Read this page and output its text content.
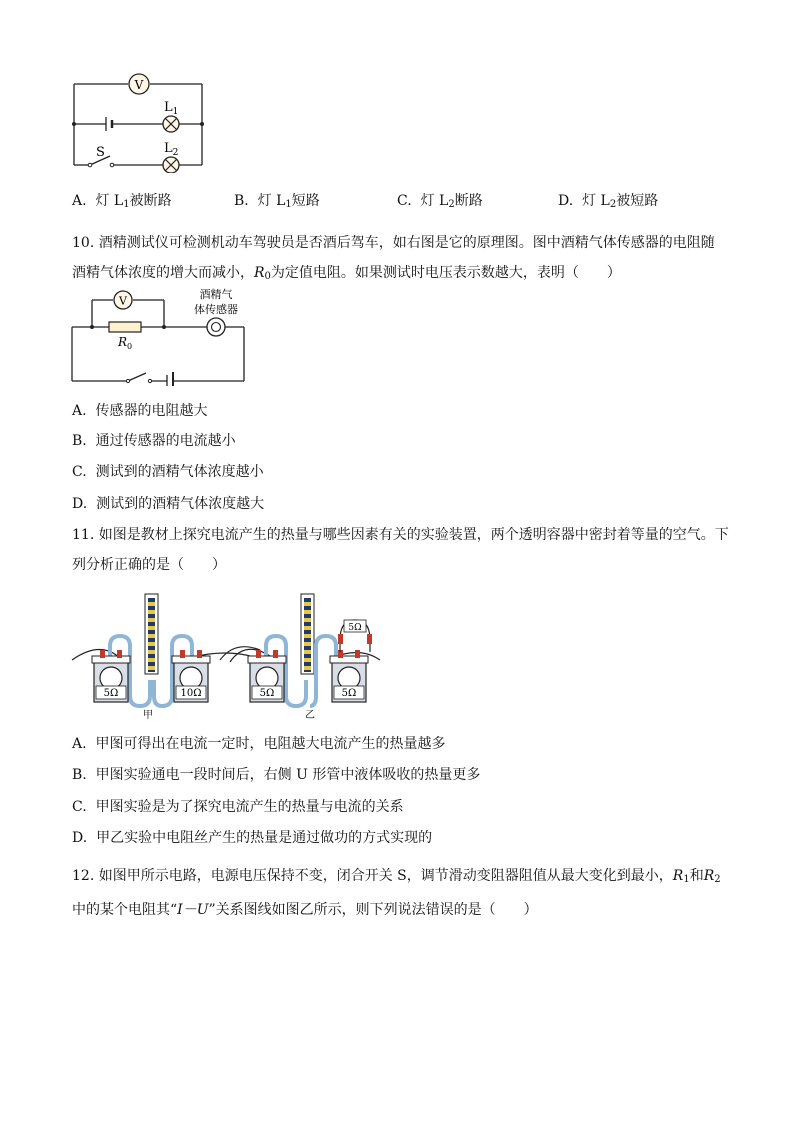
V
$L_1$
$L_2$
S
A. 灯 $L_1$被断路	B. 灯 $L_1$短路	C. 灯 $L_2$断路	D. 灯 $L_2$被短路
10. 酒精测试仪可检测机动车驾驶员是否酒后驾车，如右图是它的原理图。图中酒精气体传感器的电阻随
酒精气体浓度的增大而减小，$R_0$为定值电阻。如果测试时电压表示数越大，表明（　　）
V
$R_0$
酒精气
体传感器
A. 传感器的电阻越大
B. 通过传感器的电流越小
C. 测试到的酒精气体浓度越小
D. 测试到的酒精气体浓度越大
11. 如图是教材上探究电流产生的热量与哪些因素有关的实验装置，两个透明容器中密封着等量的空气。下
列分析正确的是（　　）
5Ω	10Ω
甲
5Ω	5Ω
5Ω
乙
A. 甲图可得出在电流一定时，电阻越大电流产生的热量越多
B. 甲图实验通电一段时间后，右侧 U 形管中液体吸收的热量更多
C. 甲图实验是为了探究电流产生的热量与电流的关系
D. 甲乙实验中电阻丝产生的热量是通过做功的方式实现的
12. 如图甲所示电路，电源电压保持不变，闭合开关 S，调节滑动变阻器阻值从最大变化到最小，$R_1$和$R_2$
中的某个电阻其“I－U”关系图线如图乙所示，则下列说法错误的是（　　）
